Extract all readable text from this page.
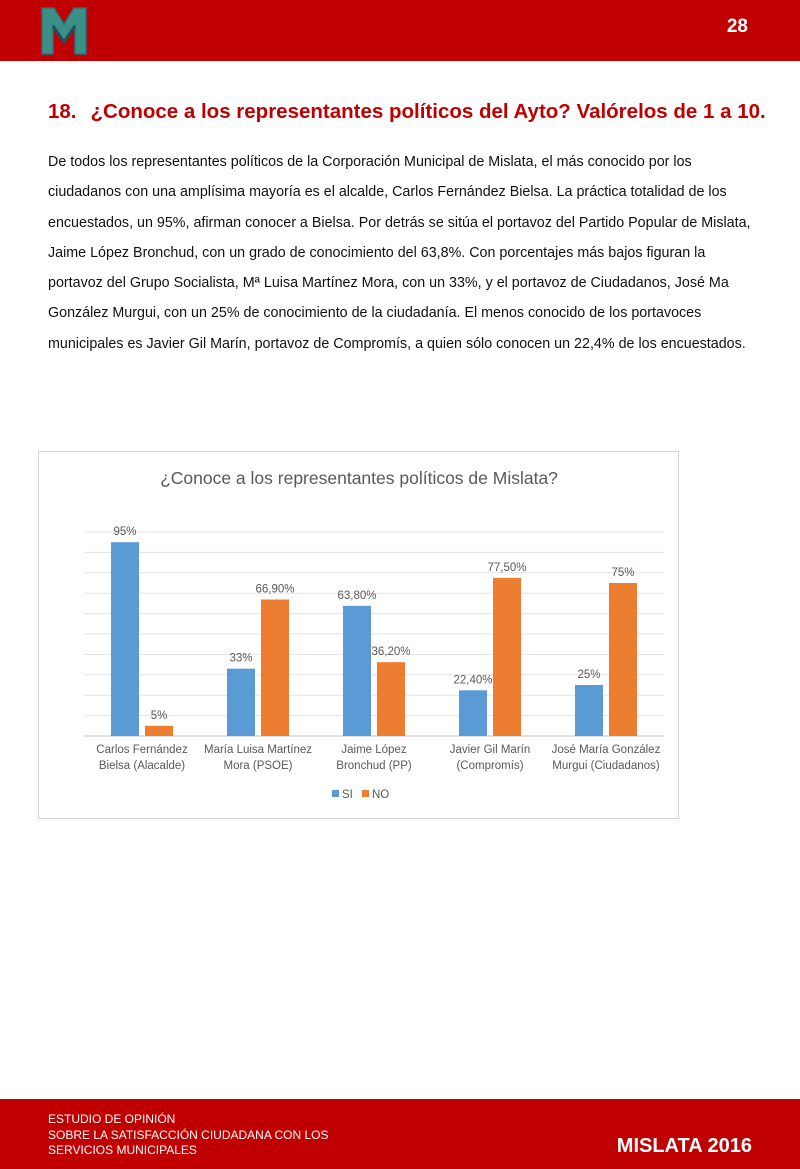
28
18. ¿Conoce a los representantes políticos del Ayto? Valórelos de 1 a 10.

De todos los representantes políticos de la Corporación Municipal de Mislata, el más conocido por los ciudadanos con una amplísima mayoría es el alcalde, Carlos Fernández Bielsa. La práctica totalidad de los encuestados, un 95%, afirman conocer a Bielsa. Por detrás se sitúa el portavoz del Partido Popular de Mislata, Jaime López Bronchud, con un grado de conocimiento del 63,8%. Con porcentajes más bajos figuran la portavoz del Grupo Socialista, Mª Luisa Martínez Mora, con un 33%, y el portavoz de Ciudadanos, José Ma González Murgui, con un 25% de conocimiento de la ciudadanía. El menos conocido de los portavoces municipales es Javier Gil Marín, portavoz de Compromís, a quien sólo conocen un 22,4% de los encuestados.

¿Conoce a los representantes políticos de Mislata?
95%
5%
33%
66,90%
63,80%
36,20%
22,40%
77,50%
25%
75%
Carlos Fernández
Bielsa (Alacalde)
María Luisa Martínez
Mora (PSOE)
Jaime López
Bronchud (PP)
Javier Gil Marín
(Compromís)
José María González
Murgui (Ciudadanos)
SI NO
ESTUDIO DE OPINIÓN
SOBRE LA SATISFACCIÓN CIUDADANA CON LOS
SERVICIOS MUNICIPALES	MISLATA 2016
